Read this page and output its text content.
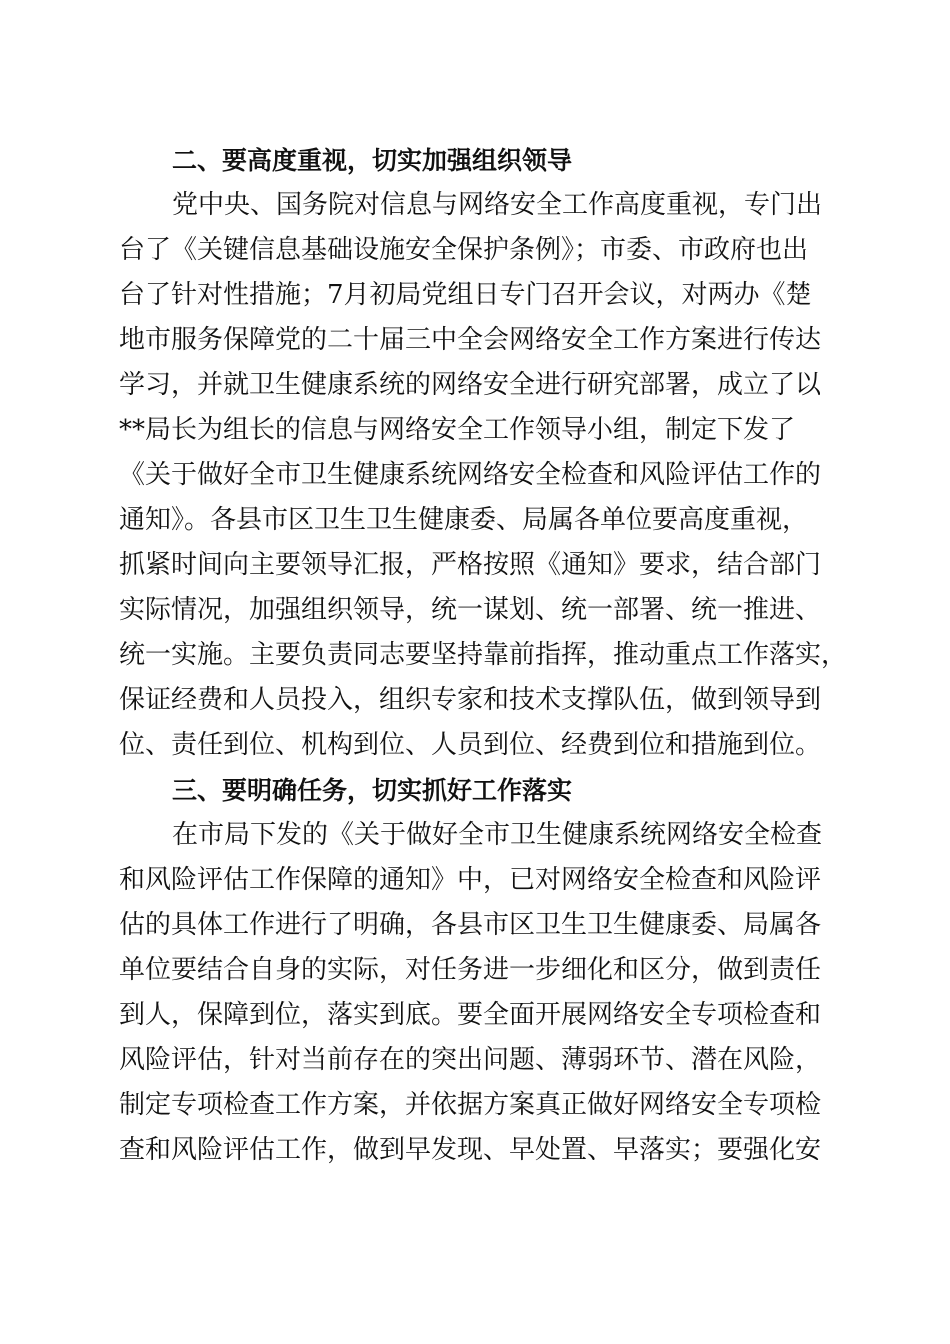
二、要高度重视，切实加强组织领导
党中央、国务院对信息与网络安全工作高度重视，专门出
台了《关键信息基础设施安全保护条例》；市委、市政府也出
台了针对性措施；7月初局党组日专门召开会议，对两办《楚
地市服务保障党的二十届三中全会网络安全工作方案进行传达
学习，并就卫生健康系统的网络安全进行研究部署，成立了以
**局长为组长的信息与网络安全工作领导小组，制定下发了
《关于做好全市卫生健康系统网络安全检查和风险评估工作的
通知》。各县市区卫生卫生健康委、局属各单位要高度重视，
抓紧时间向主要领导汇报，严格按照《通知》要求，结合部门
实际情况，加强组织领导，统一谋划、统一部署、统一推进、
统一实施。主要负责同志要坚持靠前指挥，推动重点工作落实，
保证经费和人员投入，组织专家和技术支撑队伍，做到领导到
位、责任到位、机构到位、人员到位、经费到位和措施到位。
三、要明确任务，切实抓好工作落实
在市局下发的《关于做好全市卫生健康系统网络安全检查
和风险评估工作保障的通知》中，已对网络安全检查和风险评
估的具体工作进行了明确，各县市区卫生卫生健康委、局属各
单位要结合自身的实际，对任务进一步细化和区分，做到责任
到人，保障到位，落实到底。要全面开展网络安全专项检查和
风险评估，针对当前存在的突出问题、薄弱环节、潜在风险，
制定专项检查工作方案，并依据方案真正做好网络安全专项检
查和风险评估工作，做到早发现、早处置、早落实；要强化安
